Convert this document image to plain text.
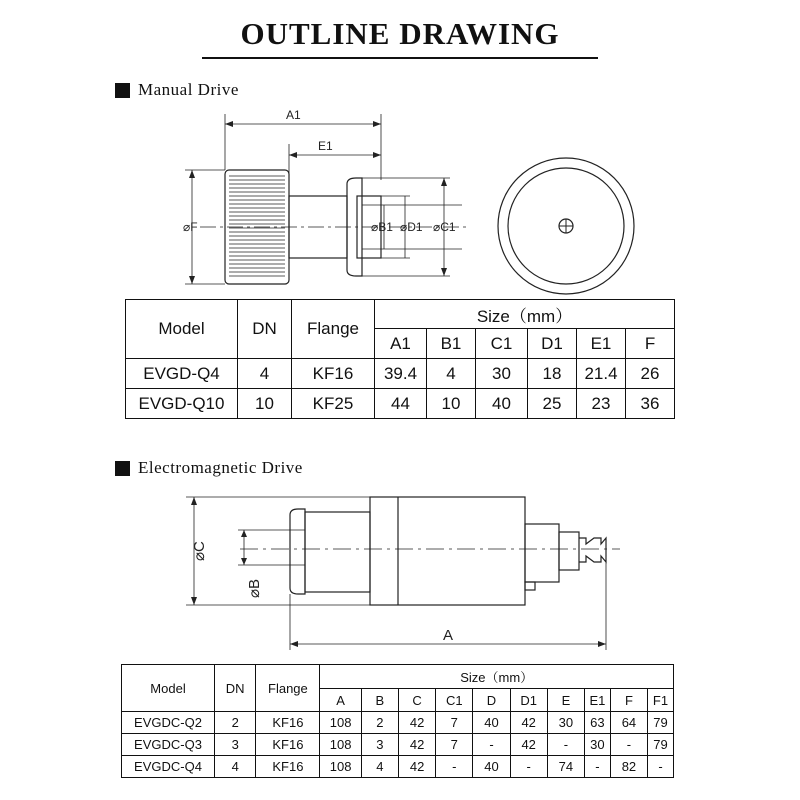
OUTLINE DRAWING
Manual Drive
Electromagnetic Drive
A1
E1
⌀F	⌀B1 ⌀D1 ⌀C1
⌀C
⌀B
A
Model	DN	Flange	Size（mm）					
			A1	B1	C1	D1	E1	F
EVGD-Q4	4	KF16	39.4	4	30	18	21.4	26
EVGD-Q10	10	KF25	44	10	40	25	23	36
Model	DN	Flange	Size（mm）									
			A	B	C	C1	D	D1	E	E1	F	F1
EVGDC-Q2	2	KF16	108	2	42	7	40	42	30	63	64	79
EVGDC-Q3	3	KF16	108	3	42	7	-	42	-	30	-	79
EVGDC-Q4	4	KF16	108	4	42	-	40	-	74	-	82	-
